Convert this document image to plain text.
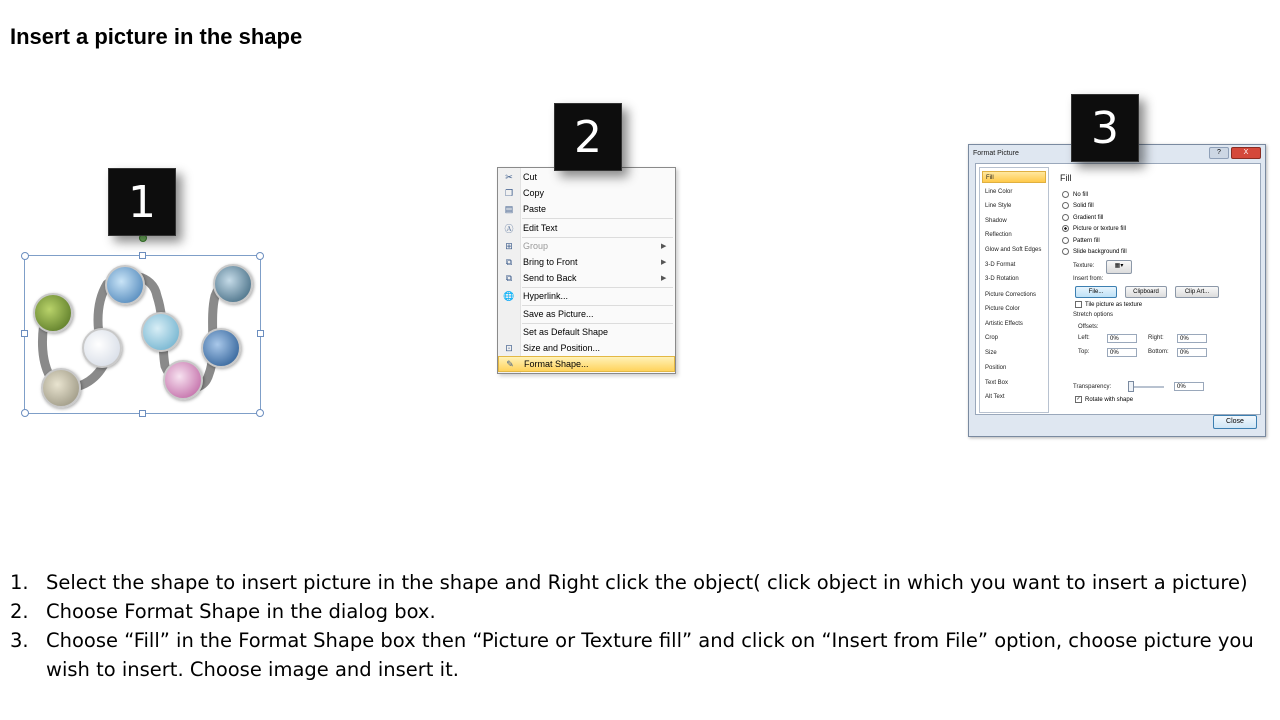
Insert a picture in the shape
1
2
✂	Cut
❐	Copy
▤	Paste
Ⓐ	Edit Text
⊞	Group	▶
⧉	Bring to Front	▶
⧉	Send to Back	▶
🌐 Hyperlink...
Save as Picture...
Set as Default Shape
⊡	Size and Position...
✎	Format Shape...
3
Format Picture	?	X
Fill
Line Color
Line Style
Shadow
Reflection
Glow and Soft Edges
3-D Format
3-D Rotation
Picture Corrections
Picture Color
Artistic Effects
Crop
Size
Position
Text Box
Alt Text
Fill
No fill
Solid fill
Gradient fill
Picture or texture fill
Pattern fill
Slide background fill
Texture:	▦▾
Insert from:
File...	Clipboard	Clip Art...
Tile picture as texture
Stretch options
Offsets:
Left:	0%	Right:	0%
Top:	0%	Bottom:	0%
Transparency:	0%
✓ Rotate with shape
Close
1. Select the shape to insert picture in the shape and Right click the object( click object in which you want to insert a picture)
2. Choose Format Shape in the dialog box.
3. Choose “Fill” in the Format Shape box then “Picture or Texture fill” and click on “Insert from File” option, choose picture you wish to insert. Choose image and insert it.
